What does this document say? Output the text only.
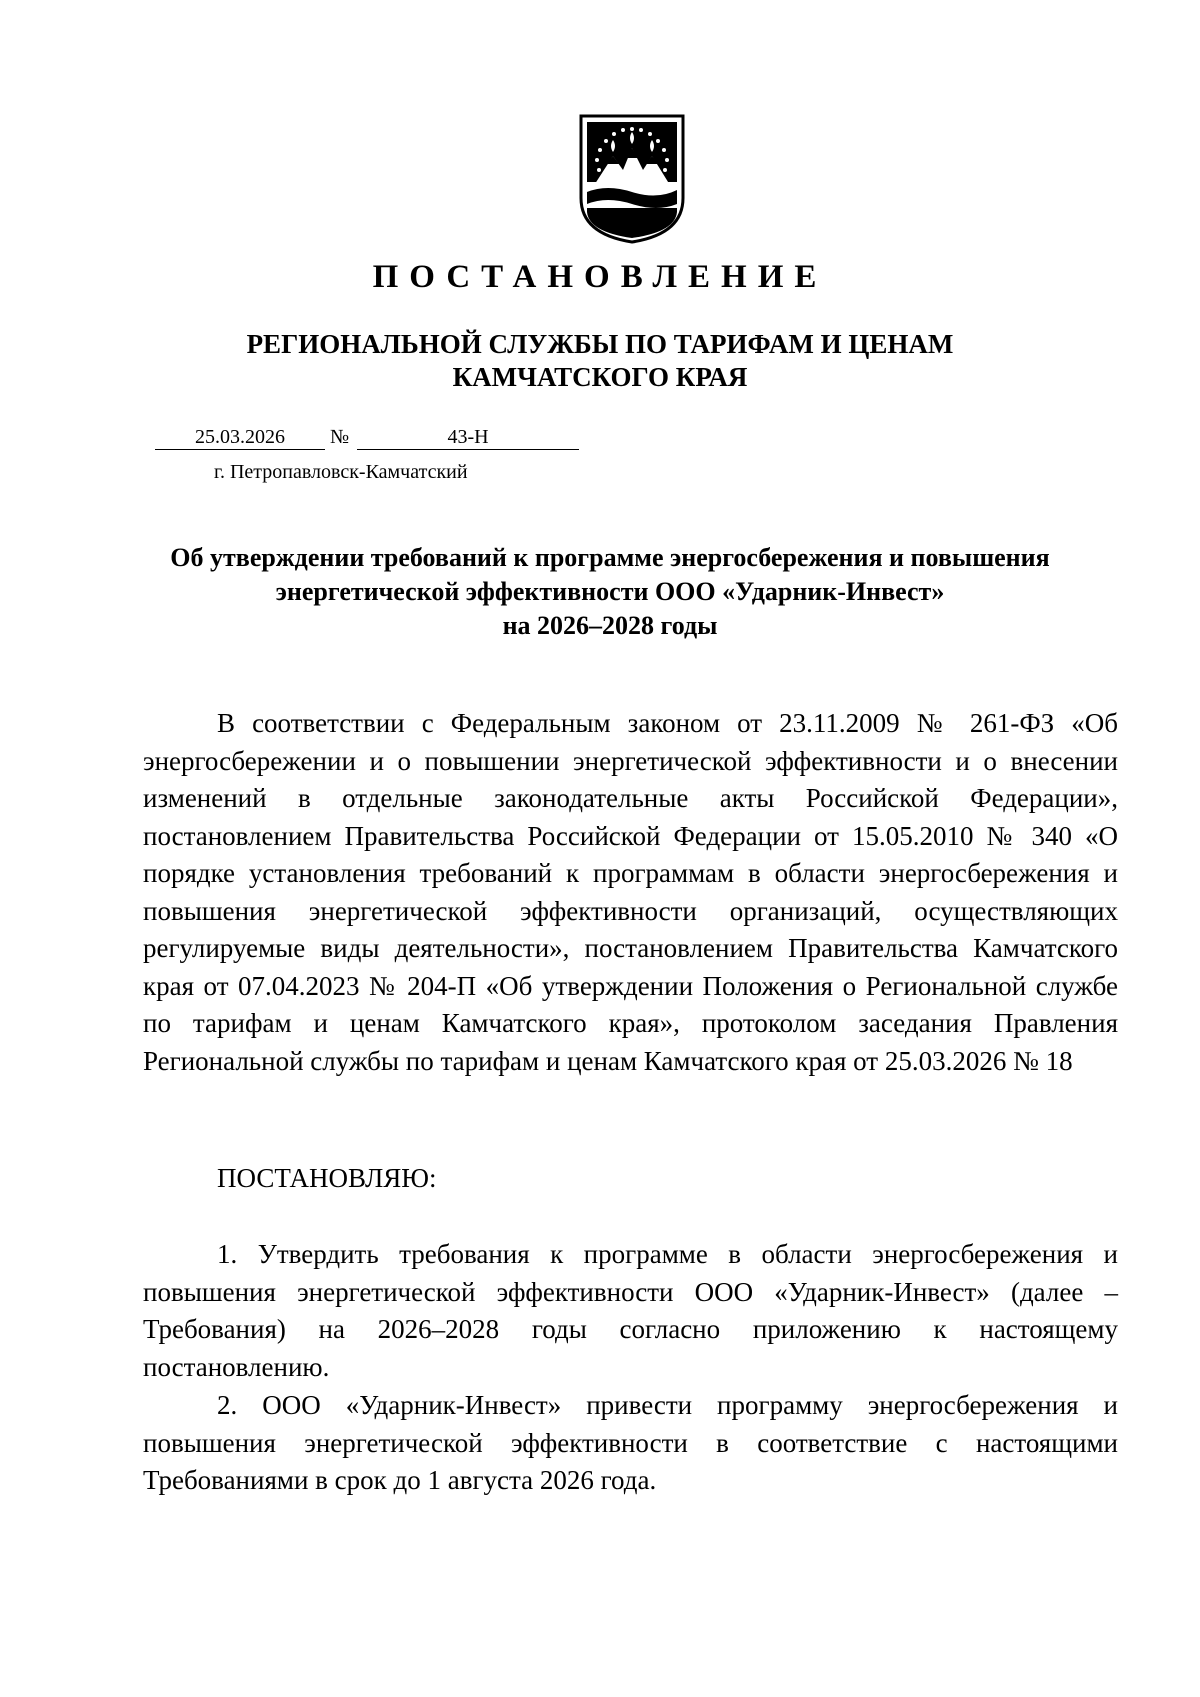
ПОСТАНОВЛЕНИЕ
РЕГИОНАЛЬНОЙ СЛУЖБЫ ПО ТАРИФАМ И ЦЕНАМ
КАМЧАТСКОГО КРАЯ
25.03.2026	№	43-Н
г. Петропавловск-Камчатский
Об утверждении требований к программе энергосбережения и повышения
энергетической эффективности ООО «Ударник-Инвест»
на 2026–2028 годы
В соответствии с Федеральным законом от 23.11.2009 № 261-ФЗ «Об энергосбережении и о повышении энергетической эффективности и о внесении изменений в отдельные законодательные акты Российской Федерации», постановлением Правительства Российской Федерации от 15.05.2010 № 340 «О порядке установления требований к программам в области энергосбережения и повышения энергетической эффективности организаций, осуществляющих регулируемые виды деятельности», постановлением Правительства Камчатского края от 07.04.2023 № 204-П «Об утверждении Положения о Региональной службе по тарифам и ценам Камчатского края», протоколом заседания Правления Региональной службы по тарифам и ценам Камчатского края от 25.03.2026 № 18
ПОСТАНОВЛЯЮ:
1. Утвердить требования к программе в области энергосбережения и повышения энергетической эффективности ООО «Ударник-Инвест» (далее – Требования) на 2026–2028 годы согласно приложению к настоящему постановлению.
2. ООО «Ударник-Инвест» привести программу энергосбережения и повышения энергетической эффективности в соответствие с настоящими Требованиями в срок до 1 августа 2026 года.
